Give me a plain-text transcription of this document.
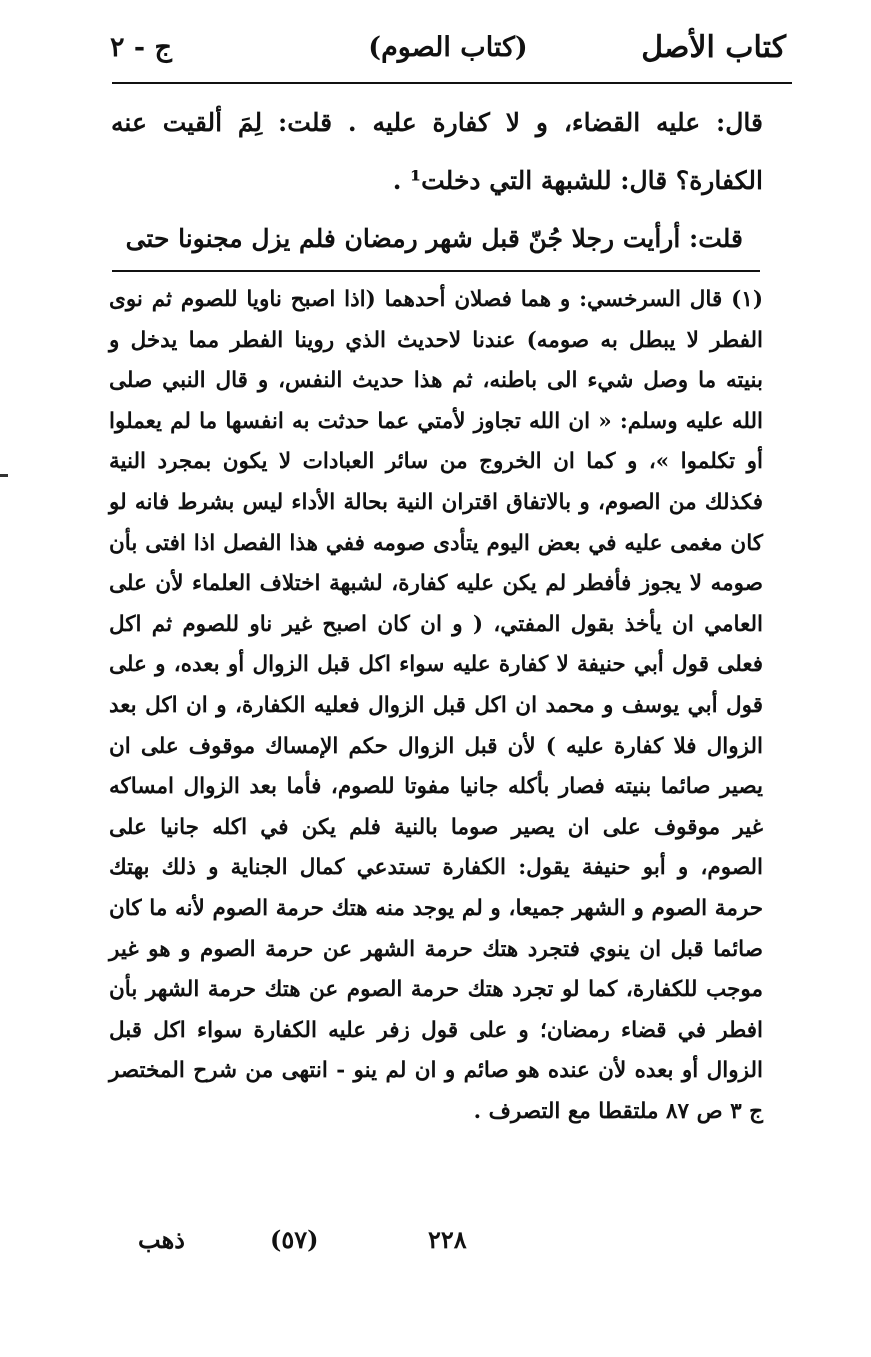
كتاب الأصل
(كتاب الصوم)
ج - ٢

قال: عليه القضاء، و لا كفارة عليه . قلت: لِمَ ألقيت عنه الكفارة؟ قال: للشبهة التي دخلت¹ .

قلت: أرأيت رجلا جُنّ قبل شهر رمضان فلم يزل مجنونا حتى

(١) قال السرخسي: و هما فصلان أحدهما (اذا اصبح ناويا للصوم ثم نوى الفطر لا يبطل به صومه) عندنا لاحديث الذي روينا الفطر مما يدخل و بنيته ما وصل شيء الى باطنه، ثم هذا حديث النفس، و قال النبي صلى الله عليه وسلم: « ان الله تجاوز لأمتي عما حدثت به انفسها ما لم يعملوا أو تكلموا »، و كما ان الخروج من سائر العبادات لا يكون بمجرد النية فكذلك من الصوم، و بالاتفاق اقتران النية بحالة الأداء ليس بشرط فانه لو كان مغمى عليه في بعض اليوم يتأدى صومه ففي هذا الفصل اذا افتى بأن صومه لا يجوز فأفطر لم يكن عليه كفارة، لشبهة اختلاف العلماء لأن على العامي ان يأخذ بقول المفتي، ( و ان كان اصبح غير ناو للصوم ثم اكل فعلى قول أبي حنيفة لا كفارة عليه سواء اكل قبل الزوال أو بعده، و على قول أبي يوسف و محمد ان اكل قبل الزوال فعليه الكفارة، و ان اكل بعد الزوال فلا كفارة عليه ) لأن قبل الزوال حكم الإمساك موقوف على ان يصير صائما بنيته فصار بأكله جانيا مفوتا للصوم، فأما بعد الزوال امساكه غير موقوف على ان يصير صوما بالنية فلم يكن في اكله جانيا على الصوم، و أبو حنيفة يقول: الكفارة تستدعي كمال الجناية و ذلك بهتك حرمة الصوم و الشهر جميعا، و لم يوجد منه هتك حرمة الصوم لأنه ما كان صائما قبل ان ينوي فتجرد هتك حرمة الشهر عن حرمة الصوم و هو غير موجب للكفارة، كما لو تجرد هتك حرمة الصوم عن هتك حرمة الشهر بأن افطر في قضاء رمضان؛ و على قول زفر عليه الكفارة سواء اكل قبل الزوال أو بعده لأن عنده هو صائم و ان لم ينو - انتهى من شرح المختصر ج ٣ ص ٨٧ ملتقطا مع التصرف .

ذهب	(٥٧)	٢٢٨
